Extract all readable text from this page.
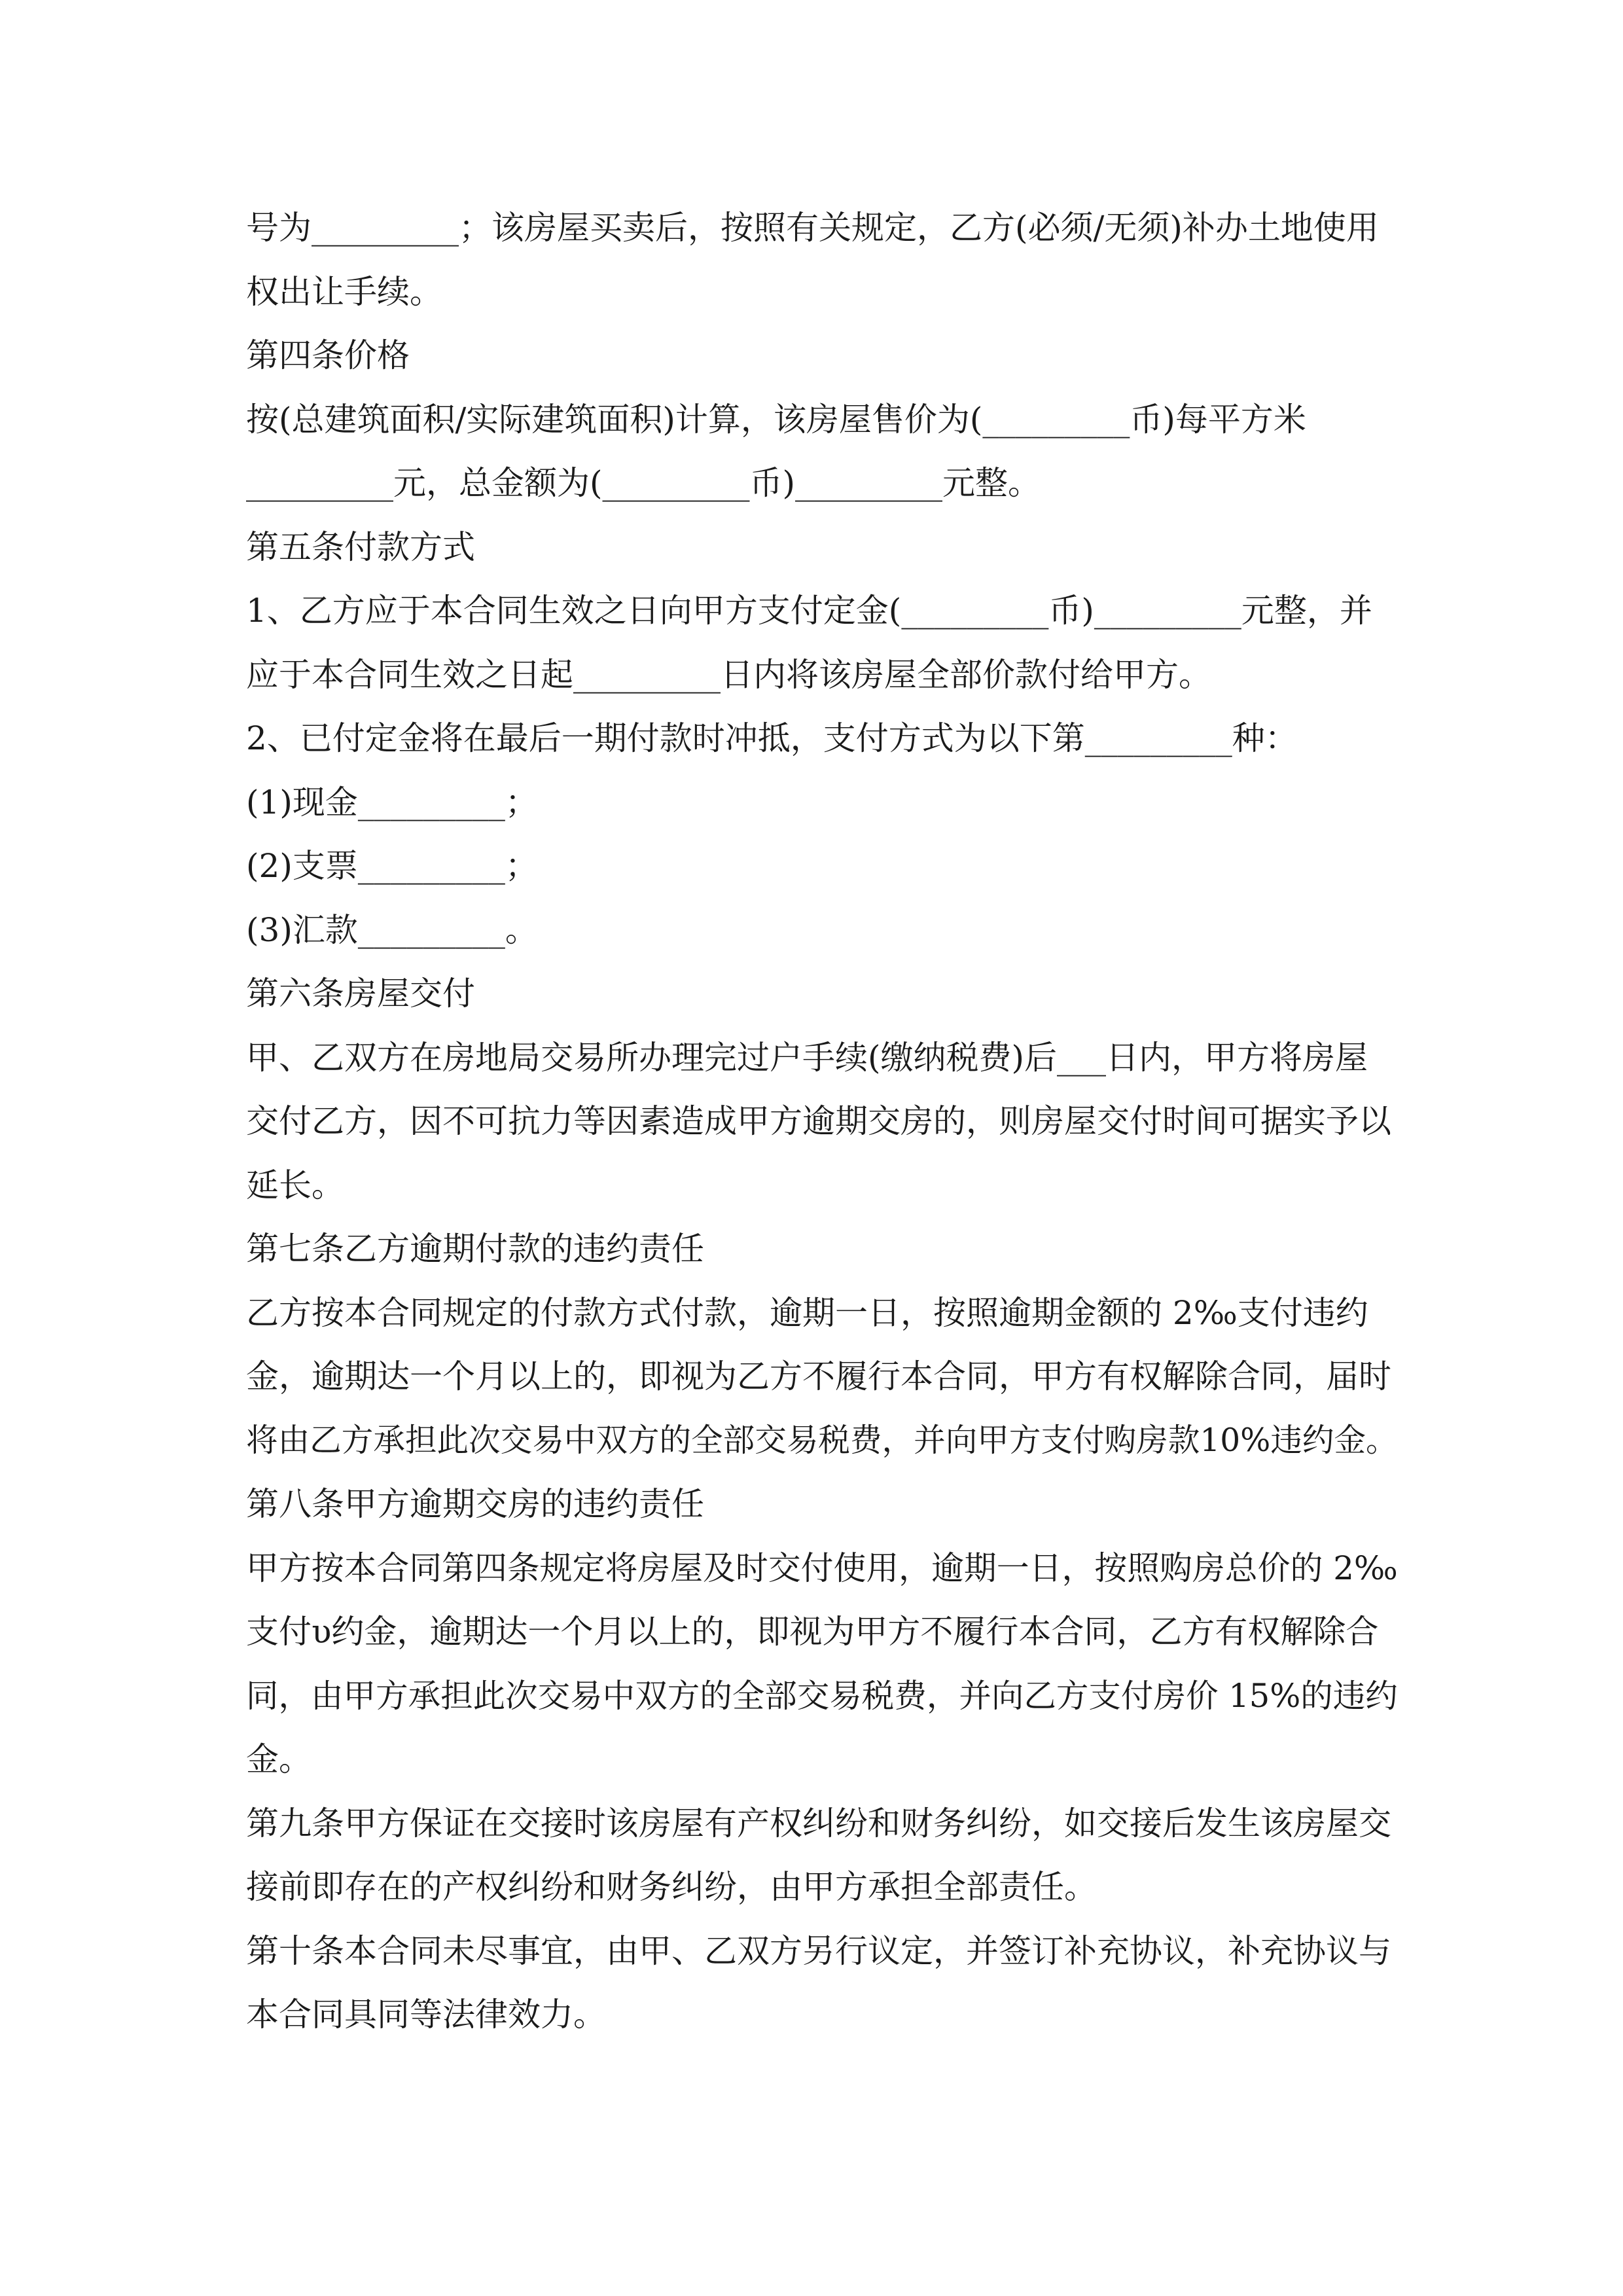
号为_________；该房屋买卖后，按照有关规定，乙方(必须/无须)补办土地使用
权出让手续。
第四条价格
按(总建筑面积/实际建筑面积)计算，该房屋售价为(_________币)每平方米
_________元，总金额为(_________币)_________元整。
第五条付款方式
1、乙方应于本合同生效之日向甲方支付定金(_________币)_________元整，并
应于本合同生效之日起_________日内将该房屋全部价款付给甲方。
2、已付定金将在最后一期付款时冲抵，支付方式为以下第_________种：
(1)现金_________；
(2)支票_________；
(3)汇款_________。
第六条房屋交付
甲、乙双方在房地局交易所办理完过户手续(缴纳税费)后___日内，甲方将房屋
交付乙方，因不可抗力等因素造成甲方逾期交房的，则房屋交付时间可据实予以
延长。
第七条乙方逾期付款的违约责任
乙方按本合同规定的付款方式付款，逾期一日，按照逾期金额的 2‰支付违约
金，逾期达一个月以上的，即视为乙方不履行本合同，甲方有权解除合同，届时
将由乙方承担此次交易中双方的全部交易税费，并向甲方支付购房款10%违约金。
第八条甲方逾期交房的违约责任
甲方按本合同第四条规定将房屋及时交付使用，逾期一日，按照购房总价的 2‰
支付υ约金，逾期达一个月以上的，即视为甲方不履行本合同，乙方有权解除合
同，由甲方承担此次交易中双方的全部交易税费，并向乙方支付房价 15%的违约
金。
第九条甲方保证在交接时该房屋有产权纠纷和财务纠纷，如交接后发生该房屋交
接前即存在的产权纠纷和财务纠纷，由甲方承担全部责任。
第十条本合同未尽事宜，由甲、乙双方另行议定，并签订补充协议，补充协议与
本合同具同等法律效力。
